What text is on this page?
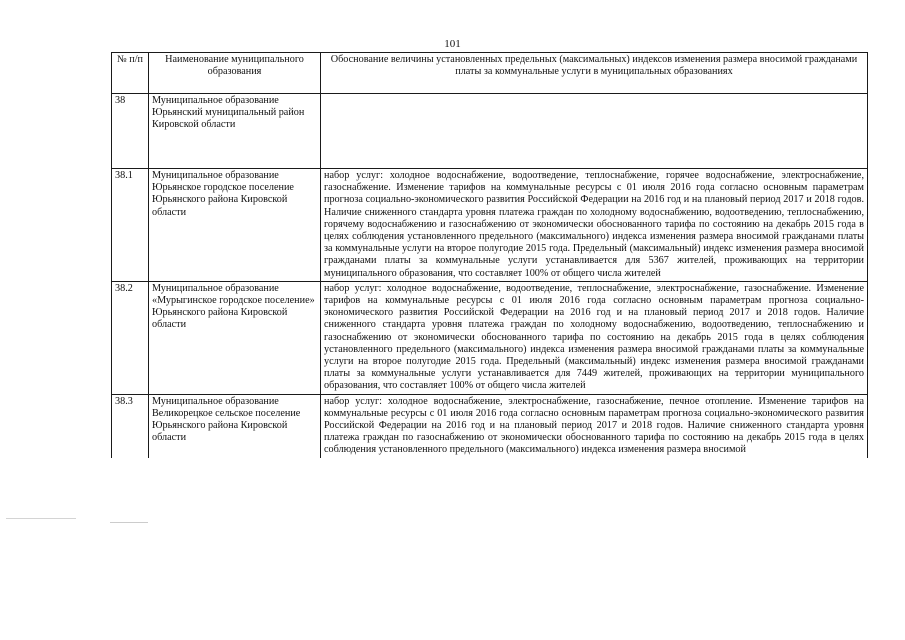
101
№ п/п	Наименование муниципального образования	Обоснование величины установленных предельных (максимальных) индексов изменения размера вносимой гражданами платы за коммунальные услуги в муниципальных образованиях
38	Муниципальное образование Юрьянский муниципальный район Кировской области	
38.1	Муниципальное образование Юрьянское городское поселение Юрьянского района Кировской области	набор услуг: холодное водоснабжение, водоотведение, теплоснабжение, горячее водоснабжение, электроснабжение, газоснабжение. Изменение тарифов на коммунальные ресурсы с 01 июля 2016 года согласно основным параметрам прогноза социально-экономического развития Российской Федерации на 2016 год и на плановый период 2017 и 2018 годов. Наличие сниженного стандарта уровня платежа граждан по холодному водоснабжению, водоотведению, теплоснабжению, горячему водоснабжению и газоснабжению от экономически обоснованного тарифа по состоянию на декабрь 2015 года в целях соблюдения установленного предельного (максимального) индекса изменения размера вносимой гражданами платы за коммунальные услуги на второе полугодие 2015 года. Предельный (максимальный) индекс изменения размера вносимой гражданами платы за коммунальные услуги устанавливается для 5367 жителей, проживающих на территории муниципального образования, что составляет 100% от общего числа жителей
38.2	Муниципальное образование «Мурыгинское городское поселение» Юрьянского района Кировской области	набор услуг: холодное водоснабжение, водоотведение, теплоснабжение, электроснабжение, газоснабжение. Изменение тарифов на коммунальные ресурсы с 01 июля 2016 года согласно основным параметрам прогноза социально-экономического развития Российской Федерации на 2016 год и на плановый период 2017 и 2018 годов. Наличие сниженного стандарта уровня платежа граждан по холодному водоснабжению, водоотведению, теплоснабжению и газоснабжению от экономически обоснованного тарифа по состоянию на декабрь 2015 года в целях соблюдения установленного предельного (максимального) индекса изменения размера вносимой гражданами платы за коммунальные услуги на второе полугодие 2015 года. Предельный (максимальный) индекс изменения размера вносимой гражданами платы за коммунальные услуги устанавливается для 7449 жителей, проживающих на территории муниципального образования, что составляет 100% от общего числа жителей
38.3	Муниципальное образование Великорецкое сельское поселение Юрьянского района Кировской области	набор услуг: холодное водоснабжение, электроснабжение, газоснабжение, печное отопление. Изменение тарифов на коммунальные ресурсы с 01 июля 2016 года согласно основным параметрам прогноза социально-экономического развития Российской Федерации на 2016 год и на плановый период 2017 и 2018 годов. Наличие сниженного стандарта уровня платежа граждан по газоснабжению от экономически обоснованного тарифа по состоянию на декабрь 2015 года в целях соблюдения установленного предельного (максимального) индекса изменения размера вносимой
